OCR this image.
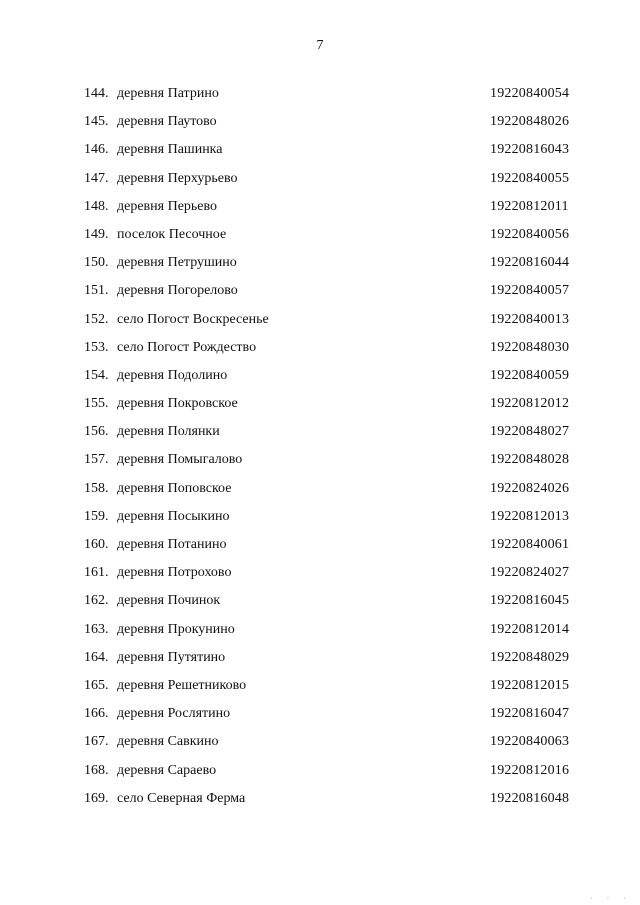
7
144. деревня Патрино	19220840054
145. деревня Паутово	19220848026
146. деревня Пашинка	19220816043
147. деревня Перхурьево	19220840055
148. деревня Перьево	19220812011
149. поселок Песочное	19220840056
150. деревня Петрушино	19220816044
151. деревня Погорелово	19220840057
152. село Погост Воскресенье	19220840013
153. село Погост Рождество	19220848030
154. деревня Подолино	19220840059
155. деревня Покровское	19220812012
156. деревня Полянки	19220848027
157. деревня Помыгалово	19220848028
158. деревня Поповское	19220824026
159. деревня Посыкино	19220812013
160. деревня Потанино	19220840061
161. деревня Потрохово	19220824027
162. деревня Починок	19220816045
163. деревня Прокунино	19220812014
164. деревня Путятино	19220848029
165. деревня Решетниково	19220812015
166. деревня Рослятино	19220816047
167. деревня Савкино	19220840063
168. деревня Сараево	19220812016
169. село Северная Ферма	19220816048
· · ·
